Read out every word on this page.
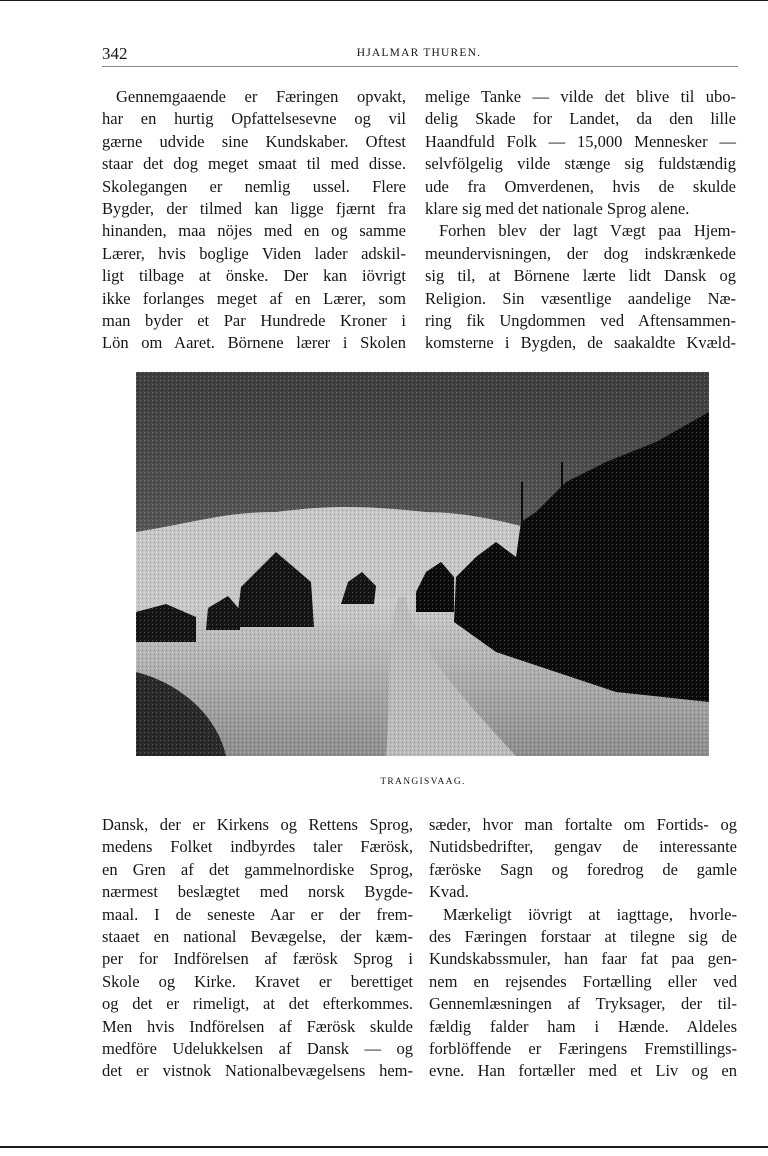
342	HJALMAR THUREN.
Gennemgaaende er Færingen opvakt,
har en hurtig Opfattelsesevne og vil
gærne udvide sine Kundskaber. Oftest
staar det dog meget smaat til med disse.
Skolegangen er nemlig ussel. Flere
Bygder, der tilmed kan ligge fjærnt fra
hinanden, maa nöjes med en og samme
Lærer, hvis boglige Viden lader adskil-
ligt tilbage at önske. Der kan iövrigt
ikke forlanges meget af en Lærer, som
man byder et Par Hundrede Kroner i
Lön om Aaret. Börnene lærer i Skolen
melige Tanke — vilde det blive til ubo-
delig Skade for Landet, da den lille
Haandfuld Folk — 15,000 Mennesker —
selvfölgelig vilde stænge sig fuldstændig
ude fra Omverdenen, hvis de skulde
klare sig med det nationale Sprog alene.
Forhen blev der lagt Vægt paa Hjem-
meundervisningen, der dog indskrænkede
sig til, at Börnene lærte lidt Dansk og
Religion. Sin væsentlige aandelige Næ-
ring fik Ungdommen ved Aftensammen-
komsterne i Bygden, de saakaldte Kvæld-
TRANGISVAAG.
Dansk, der er Kirkens og Rettens Sprog,
medens Folket indbyrdes taler Færösk,
en Gren af det gammelnordiske Sprog,
nærmest beslægtet med norsk Bygde-
maal. I de seneste Aar er der frem-
staaet en national Bevægelse, der kæm-
per for Indförelsen af færösk Sprog i
Skole og Kirke. Kravet er berettiget
og det er rimeligt, at det efterkommes.
Men hvis Indförelsen af Færösk skulde
medföre Udelukkelsen af Dansk — og
det er vistnok Nationalbevægelsens hem-
sæder, hvor man fortalte om Fortids- og
Nutidsbedrifter, gengav de interessante
færöske Sagn og foredrog de gamle
Kvad.
Mærkeligt iövrigt at iagttage, hvorle-
des Færingen forstaar at tilegne sig de
Kundskabssmuler, han faar fat paa gen-
nem en rejsendes Fortælling eller ved
Gennemlæsningen af Tryksager, der til-
fældig falder ham i Hænde. Aldeles
forblöffende er Færingens Fremstillings-
evne. Han fortæller med et Liv og en
